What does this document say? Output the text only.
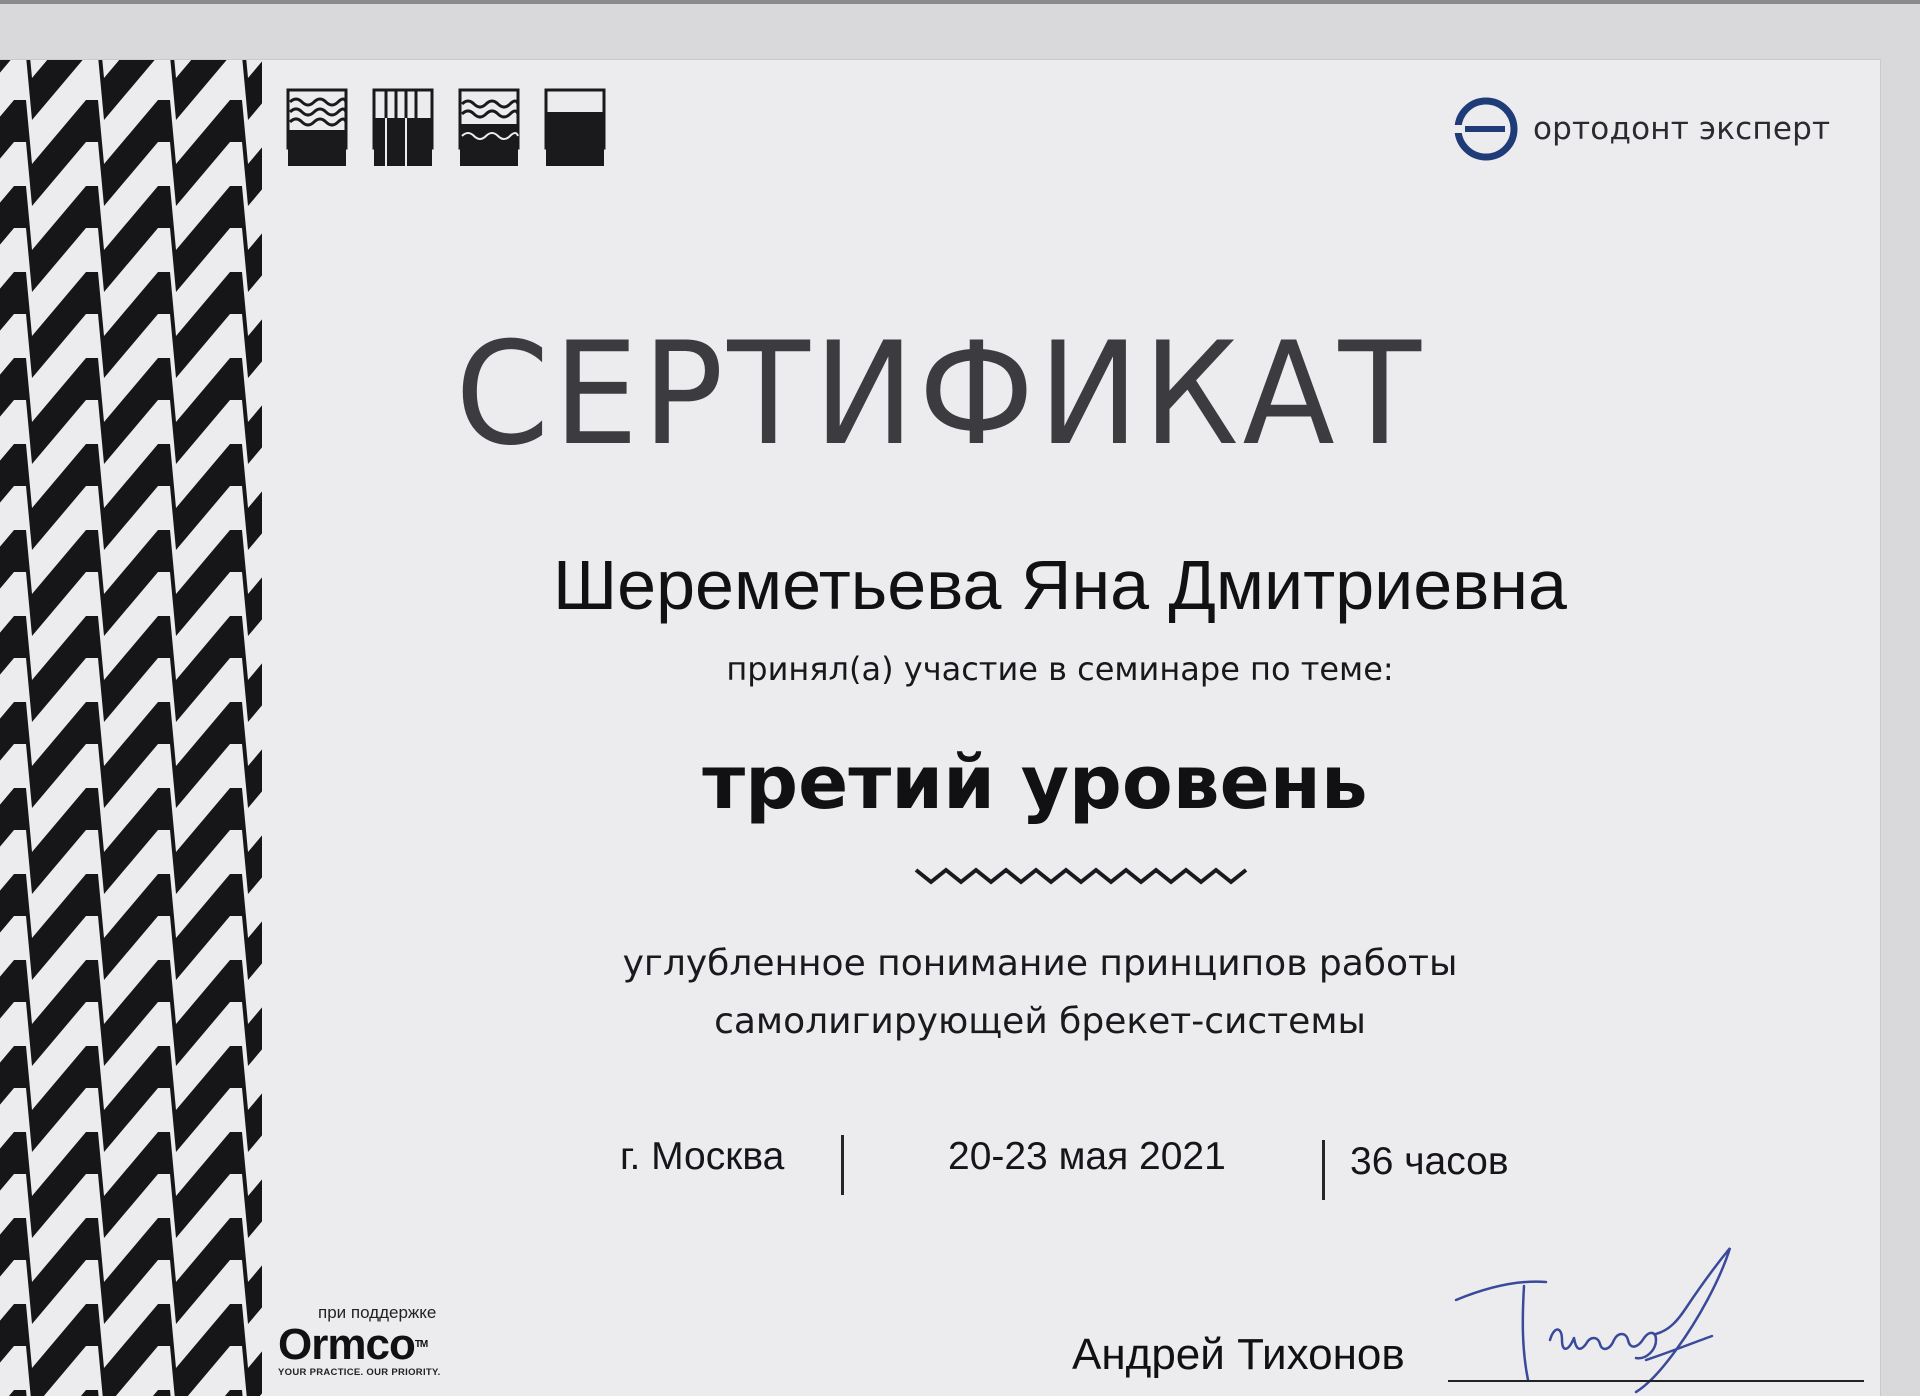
ортодонт эксперт
СЕРТИФИКАТ
Шереметьева Яна Дмитриевна
принял(а) участие в семинаре по теме:
третий уровень
углубленное понимание принципов работы
самолигирующей брекет-системы
г. Москва	20-23 мая 2021	36 часов
при поддержке
Ormco™
YOUR PRACTICE. OUR PRIORITY.	Андрей Тихонов
